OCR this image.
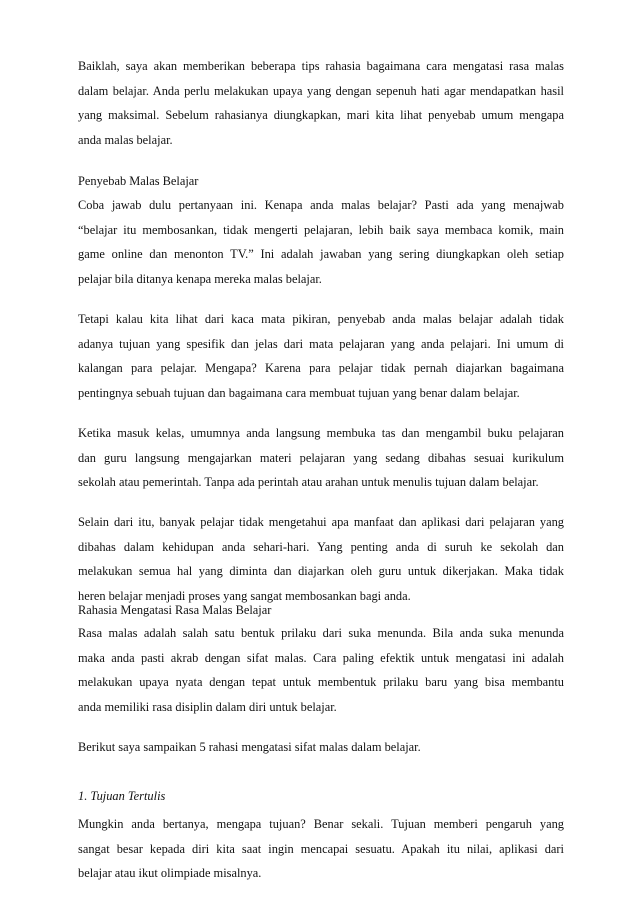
Baiklah, saya akan memberikan beberapa tips rahasia bagaimana cara mengatasi rasa malas
dalam belajar. Anda perlu melakukan upaya yang dengan sepenuh hati agar mendapatkan hasil
yang maksimal. Sebelum rahasianya diungkapkan, mari kita lihat penyebab umum mengapa
anda malas belajar.
Penyebab Malas Belajar
Coba jawab dulu pertanyaan ini. Kenapa anda malas belajar? Pasti ada yang menajwab
“belajar itu membosankan, tidak mengerti pelajaran, lebih baik saya membaca komik, main
game online dan menonton TV.” Ini adalah jawaban yang sering diungkapkan oleh setiap
pelajar bila ditanya kenapa mereka malas belajar.
Tetapi kalau kita lihat dari kaca mata pikiran, penyebab anda malas belajar adalah tidak
adanya tujuan yang spesifik dan jelas dari mata pelajaran yang anda pelajari. Ini umum di
kalangan para pelajar. Mengapa? Karena para pelajar tidak pernah diajarkan bagaimana
pentingnya sebuah tujuan dan bagaimana cara membuat tujuan yang benar dalam belajar.
Ketika masuk kelas, umumnya anda langsung membuka tas dan mengambil buku pelajaran
dan guru langsung mengajarkan materi pelajaran yang sedang dibahas sesuai kurikulum
sekolah atau pemerintah. Tanpa ada perintah atau arahan untuk menulis tujuan dalam belajar.
Selain dari itu, banyak pelajar tidak mengetahui apa manfaat dan aplikasi dari pelajaran yang
dibahas dalam kehidupan anda sehari-hari. Yang penting anda di suruh ke sekolah dan
melakukan semua hal yang diminta dan diajarkan oleh guru untuk dikerjakan. Maka tidak
heren belajar menjadi proses yang sangat membosankan bagi anda.
Rahasia Mengatasi Rasa Malas Belajar
Rasa malas adalah salah satu bentuk prilaku dari suka menunda. Bila anda suka menunda
maka anda pasti akrab dengan sifat malas. Cara paling efektik untuk mengatasi ini adalah
melakukan upaya nyata dengan tepat untuk membentuk prilaku baru yang bisa membantu
anda memiliki rasa disiplin dalam diri untuk belajar.
Berikut saya sampaikan 5 rahasi mengatasi sifat malas dalam belajar.
1. Tujuan Tertulis
Mungkin anda bertanya, mengapa tujuan? Benar sekali. Tujuan memberi pengaruh yang
sangat besar kepada diri kita saat ingin mencapai sesuatu. Apakah itu nilai, aplikasi dari
belajar atau ikut olimpiade misalnya.
